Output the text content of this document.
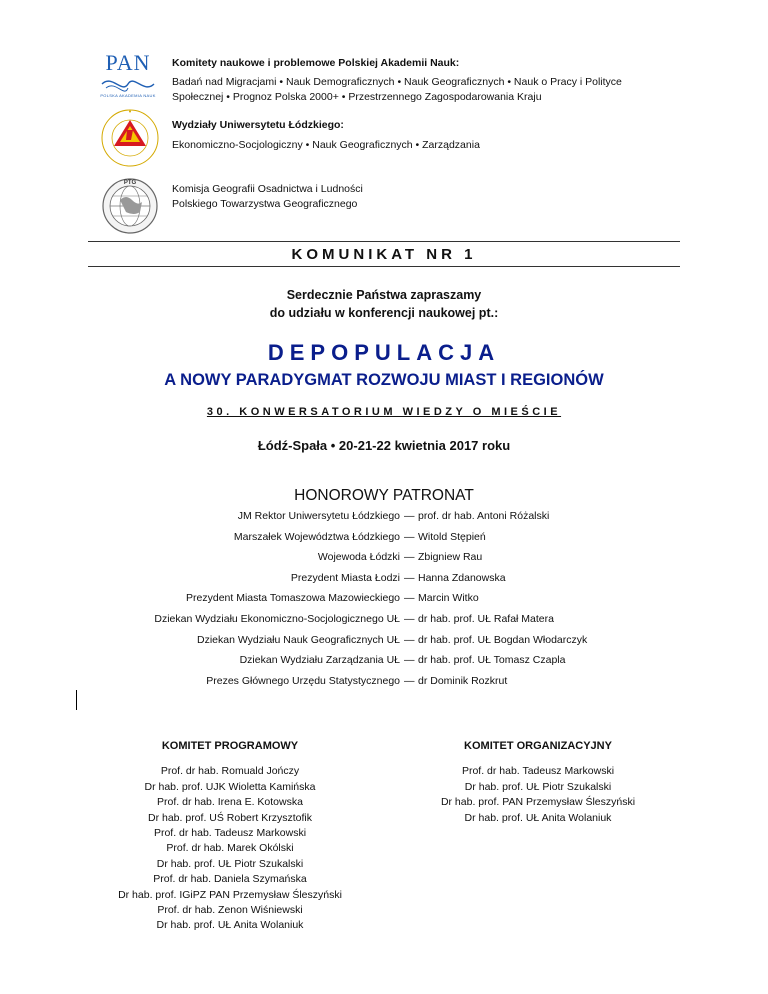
PAN
POLSKA AKADEMIA NAUK
Komitety naukowe i problemowe Polskiej Akademii Nauk:
Badań nad Migracjami • Nauk Demograficznych • Nauk Geograficznych • Nauk o Pracy i Polityce
Społecznej • Prognoz Polska 2000+ • Przestrzennego Zagospodarowania Kraju
Wydziały Uniwersytetu Łódzkiego:
Ekonomiczno-Socjologiczny • Nauk Geograficznych • Zarządzania
PTG	Komisja Geografii Osadnictwa i Ludności
Polskiego Towarzystwa Geograficznego
KOMUNIKAT NR 1
Serdecznie Państwa zapraszamy
do udziału w konferencji naukowej pt.:
DEPOPULACJA
A NOWY PARADYGMAT ROZWOJU MIAST I REGIONÓW
30. KONWERSATORIUM WIEDZY O MIEŚCIE
Łódź-Spała • 20-21-22 kwietnia 2017 roku
HONOROWY PATRONAT
JM Rektor Uniwersytetu Łódzkiego — prof. dr hab. Antoni Różalski
Marszałek Województwa Łódzkiego — Witold Stępień
Wojewoda Łódzki — Zbigniew Rau
Prezydent Miasta Łodzi — Hanna Zdanowska
Prezydent Miasta Tomaszowa Mazowieckiego — Marcin Witko
Dziekan Wydziału Ekonomiczno-Socjologicznego UŁ — dr hab. prof. UŁ Rafał Matera
Dziekan Wydziału Nauk Geograficznych UŁ — dr hab. prof. UŁ Bogdan Włodarczyk
Dziekan Wydziału Zarządzania UŁ — dr hab. prof. UŁ Tomasz Czapla
Prezes Głównego Urzędu Statystycznego — dr Dominik Rozkrut
KOMITET PROGRAMOWY
Prof. dr hab. Romuald Jończy
Dr hab. prof. UJK Wioletta Kamińska
Prof. dr hab. Irena E. Kotowska
Dr hab. prof. UŚ Robert Krzysztofik
Prof. dr hab. Tadeusz Markowski
Prof. dr hab. Marek Okólski
Dr hab. prof. UŁ Piotr Szukalski
Prof. dr hab. Daniela Szymańska
Dr hab. prof. IGiPZ PAN Przemysław Śleszyński
Prof. dr hab. Zenon Wiśniewski
Dr hab. prof. UŁ Anita Wolaniuk
KOMITET ORGANIZACYJNY
Prof. dr hab. Tadeusz Markowski
Dr hab. prof. UŁ Piotr Szukalski
Dr hab. prof. PAN Przemysław Śleszyński
Dr hab. prof. UŁ Anita Wolaniuk
